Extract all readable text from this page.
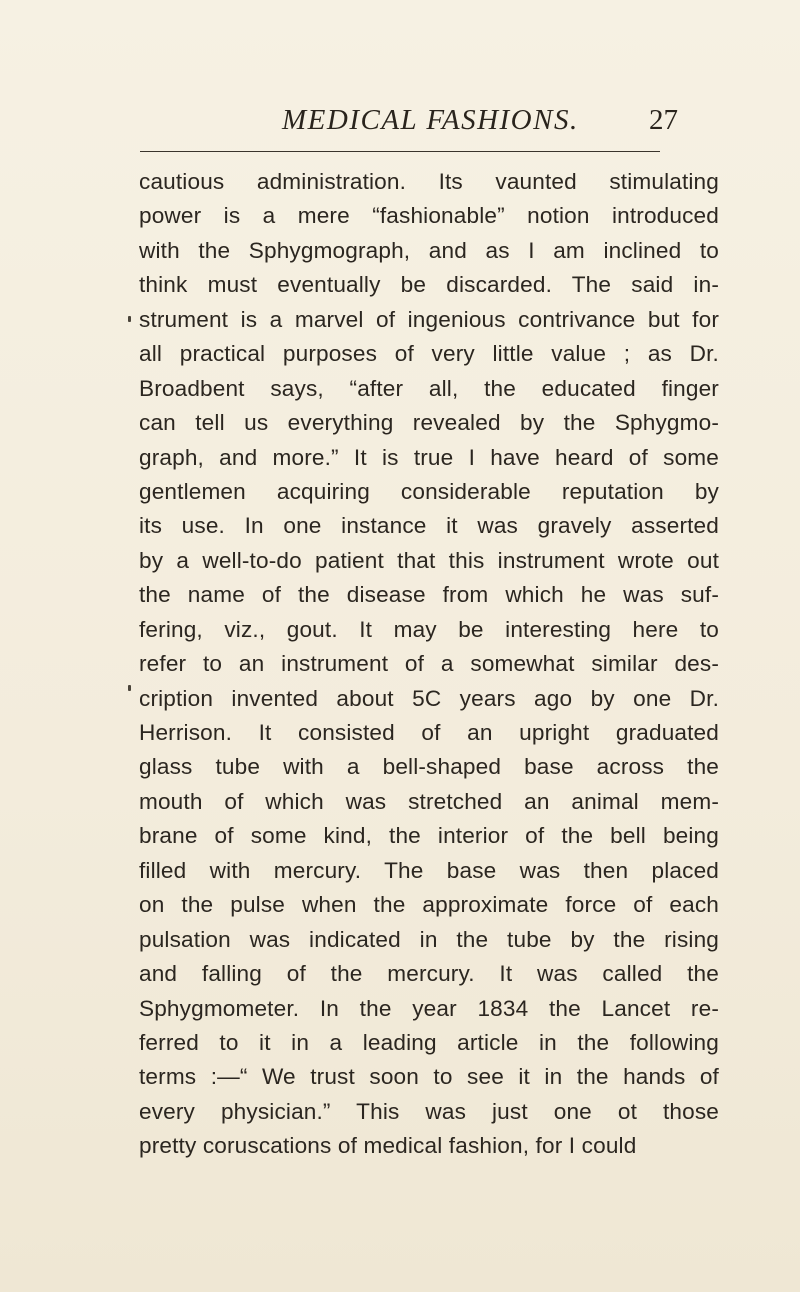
MEDICAL FASHIONS. 27
cautious administration. Its vaunted stimulating
power is a mere “fashionable” notion introduced
with the Sphygmograph, and as I am inclined to
think must eventually be discarded. The said in-
strument is a marvel of ingenious contrivance but for
all practical purposes of very little value ; as Dr.
Broadbent says, “after all, the educated finger
can tell us everything revealed by the Sphygmo-
graph, and more.” It is true I have heard of some
gentlemen acquiring considerable reputation by
its use. In one instance it was gravely asserted
by a well-to-do patient that this instrument wrote out
the name of the disease from which he was suf-
fering, viz., gout. It may be interesting here to
refer to an instrument of a somewhat similar des-
cription invented about 5C years ago by one Dr.
Herrison. It consisted of an upright graduated
glass tube with a bell-shaped base across the
mouth of which was stretched an animal mem-
brane of some kind, the interior of the bell being
filled with mercury. The base was then placed
on the pulse when the approximate force of each
pulsation was indicated in the tube by the rising
and falling of the mercury. It was called the
Sphygmometer. In the year 1834 the Lancet re-
ferred to it in a leading article in the following
terms :—“ We trust soon to see it in the hands of
every physician.” This was just one ot those
pretty coruscations of medical fashion, for I could
